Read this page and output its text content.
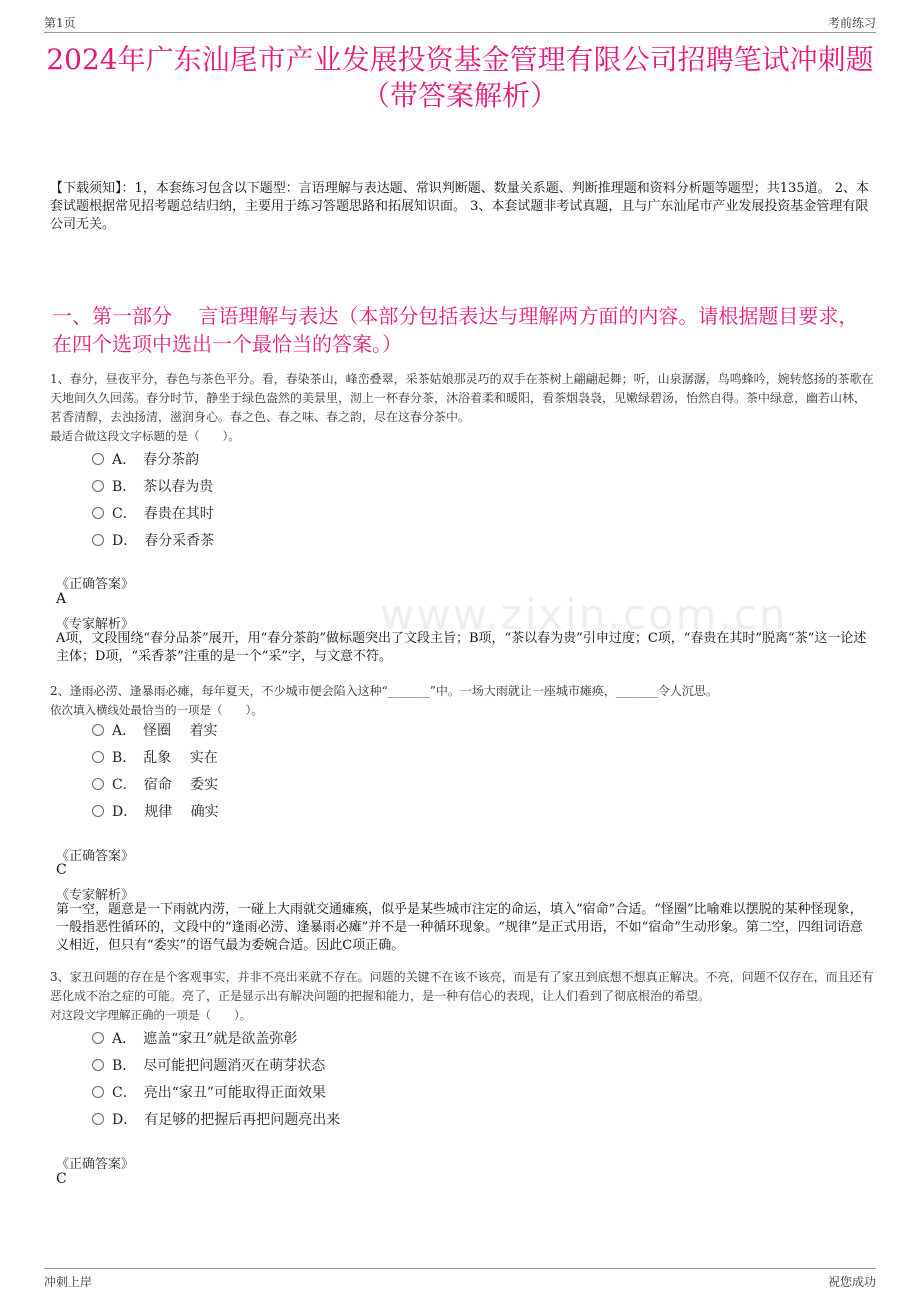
www.zixin.com.cn
第1页	考前练习
2024年广东汕尾市产业发展投资基金管理有限公司招聘笔试冲刺题（带答案解析）
【下载须知】：1，本套练习包含以下题型：言语理解与表达题、常识判断题、数量关系题、判断推理题和资料分析题等题型；共135道。 2、本套试题根据常见招考题总结归纳，主要用于练习答题思路和拓展知识面。 3、本套试题非考试真题，且与广东汕尾市产业发展投资基金管理有限公司无关。
一、第一部分　 言语理解与表达（本部分包括表达与理解两方面的内容。请根据题目要求，在四个选项中选出一个最恰当的答案。）
1、春分，昼夜平分，春色与茶色平分。看，春染茶山，峰峦叠翠，采茶姑娘那灵巧的双手在茶树上翩翩起舞；听，山泉潺潺，鸟鸣蜂吟，婉转悠扬的茶歌在天地间久久回荡。春分时节，静坐于绿色盎然的美景里，沏上一杯春分茶，沐浴着柔和暖阳，看茶烟袅袅，见嫩绿碧汤，怡然自得。茶中绿意，幽若山林，茗香清醇，去浊扬清，滋润身心。春之色、春之味、春之韵，尽在这春分茶中。
最适合做这段文字标题的是（　　）。
A．　春分茶韵
B．　茶以春为贵
C．　春贵在其时
D．　春分采香茶
《正确答案》
A
《专家解析》
A项，文段围绕“春分品茶”展开，用“春分茶韵”做标题突出了文段主旨；B项，“茶以春为贵”引申过度；C项，“春贵在其时”脱离“茶”这一论述主体；D项，“采香茶”注重的是一个“采”字，与文意不符。
2、逢雨必涝、逢暴雨必瘫，每年夏天，不少城市便会陷入这种“_______”中。一场大雨就让一座城市瘫痪，_______令人沉思。
依次填入横线处最恰当的一项是（　　）。
A．　怪圈　 着实
B．　乱象　 实在
C．　宿命　 委实
D．　规律　 确实
《正确答案》
C
《专家解析》
第一空，题意是一下雨就内涝，一碰上大雨就交通瘫痪，似乎是某些城市注定的命运，填入“宿命”合适。“怪圈”比喻难以摆脱的某种怪现象，一般指恶性循环的，文段中的“逢雨必涝、逢暴雨必瘫”并不是一种循环现象。“规律”是正式用语，不如“宿命”生动形象。第二空，四组词语意义相近，但只有“委实”的语气最为委婉合适。因此C项正确。
3、家丑问题的存在是个客观事实，并非不亮出来就不存在。问题的关键不在该不该亮，而是有了家丑到底想不想真正解决。不亮，问题不仅存在，而且还有恶化成不治之症的可能。亮了，正是显示出有解决问题的把握和能力，是一种有信心的表现，让人们看到了彻底根治的希望。
对这段文字理解正确的一项是（　　）。
A．　遮盖“家丑”就是欲盖弥彰
B．　尽可能把问题消灭在萌芽状态
C．　亮出“家丑”可能取得正面效果
D．　有足够的把握后再把问题亮出来
《正确答案》
C
冲刺上岸	祝您成功
